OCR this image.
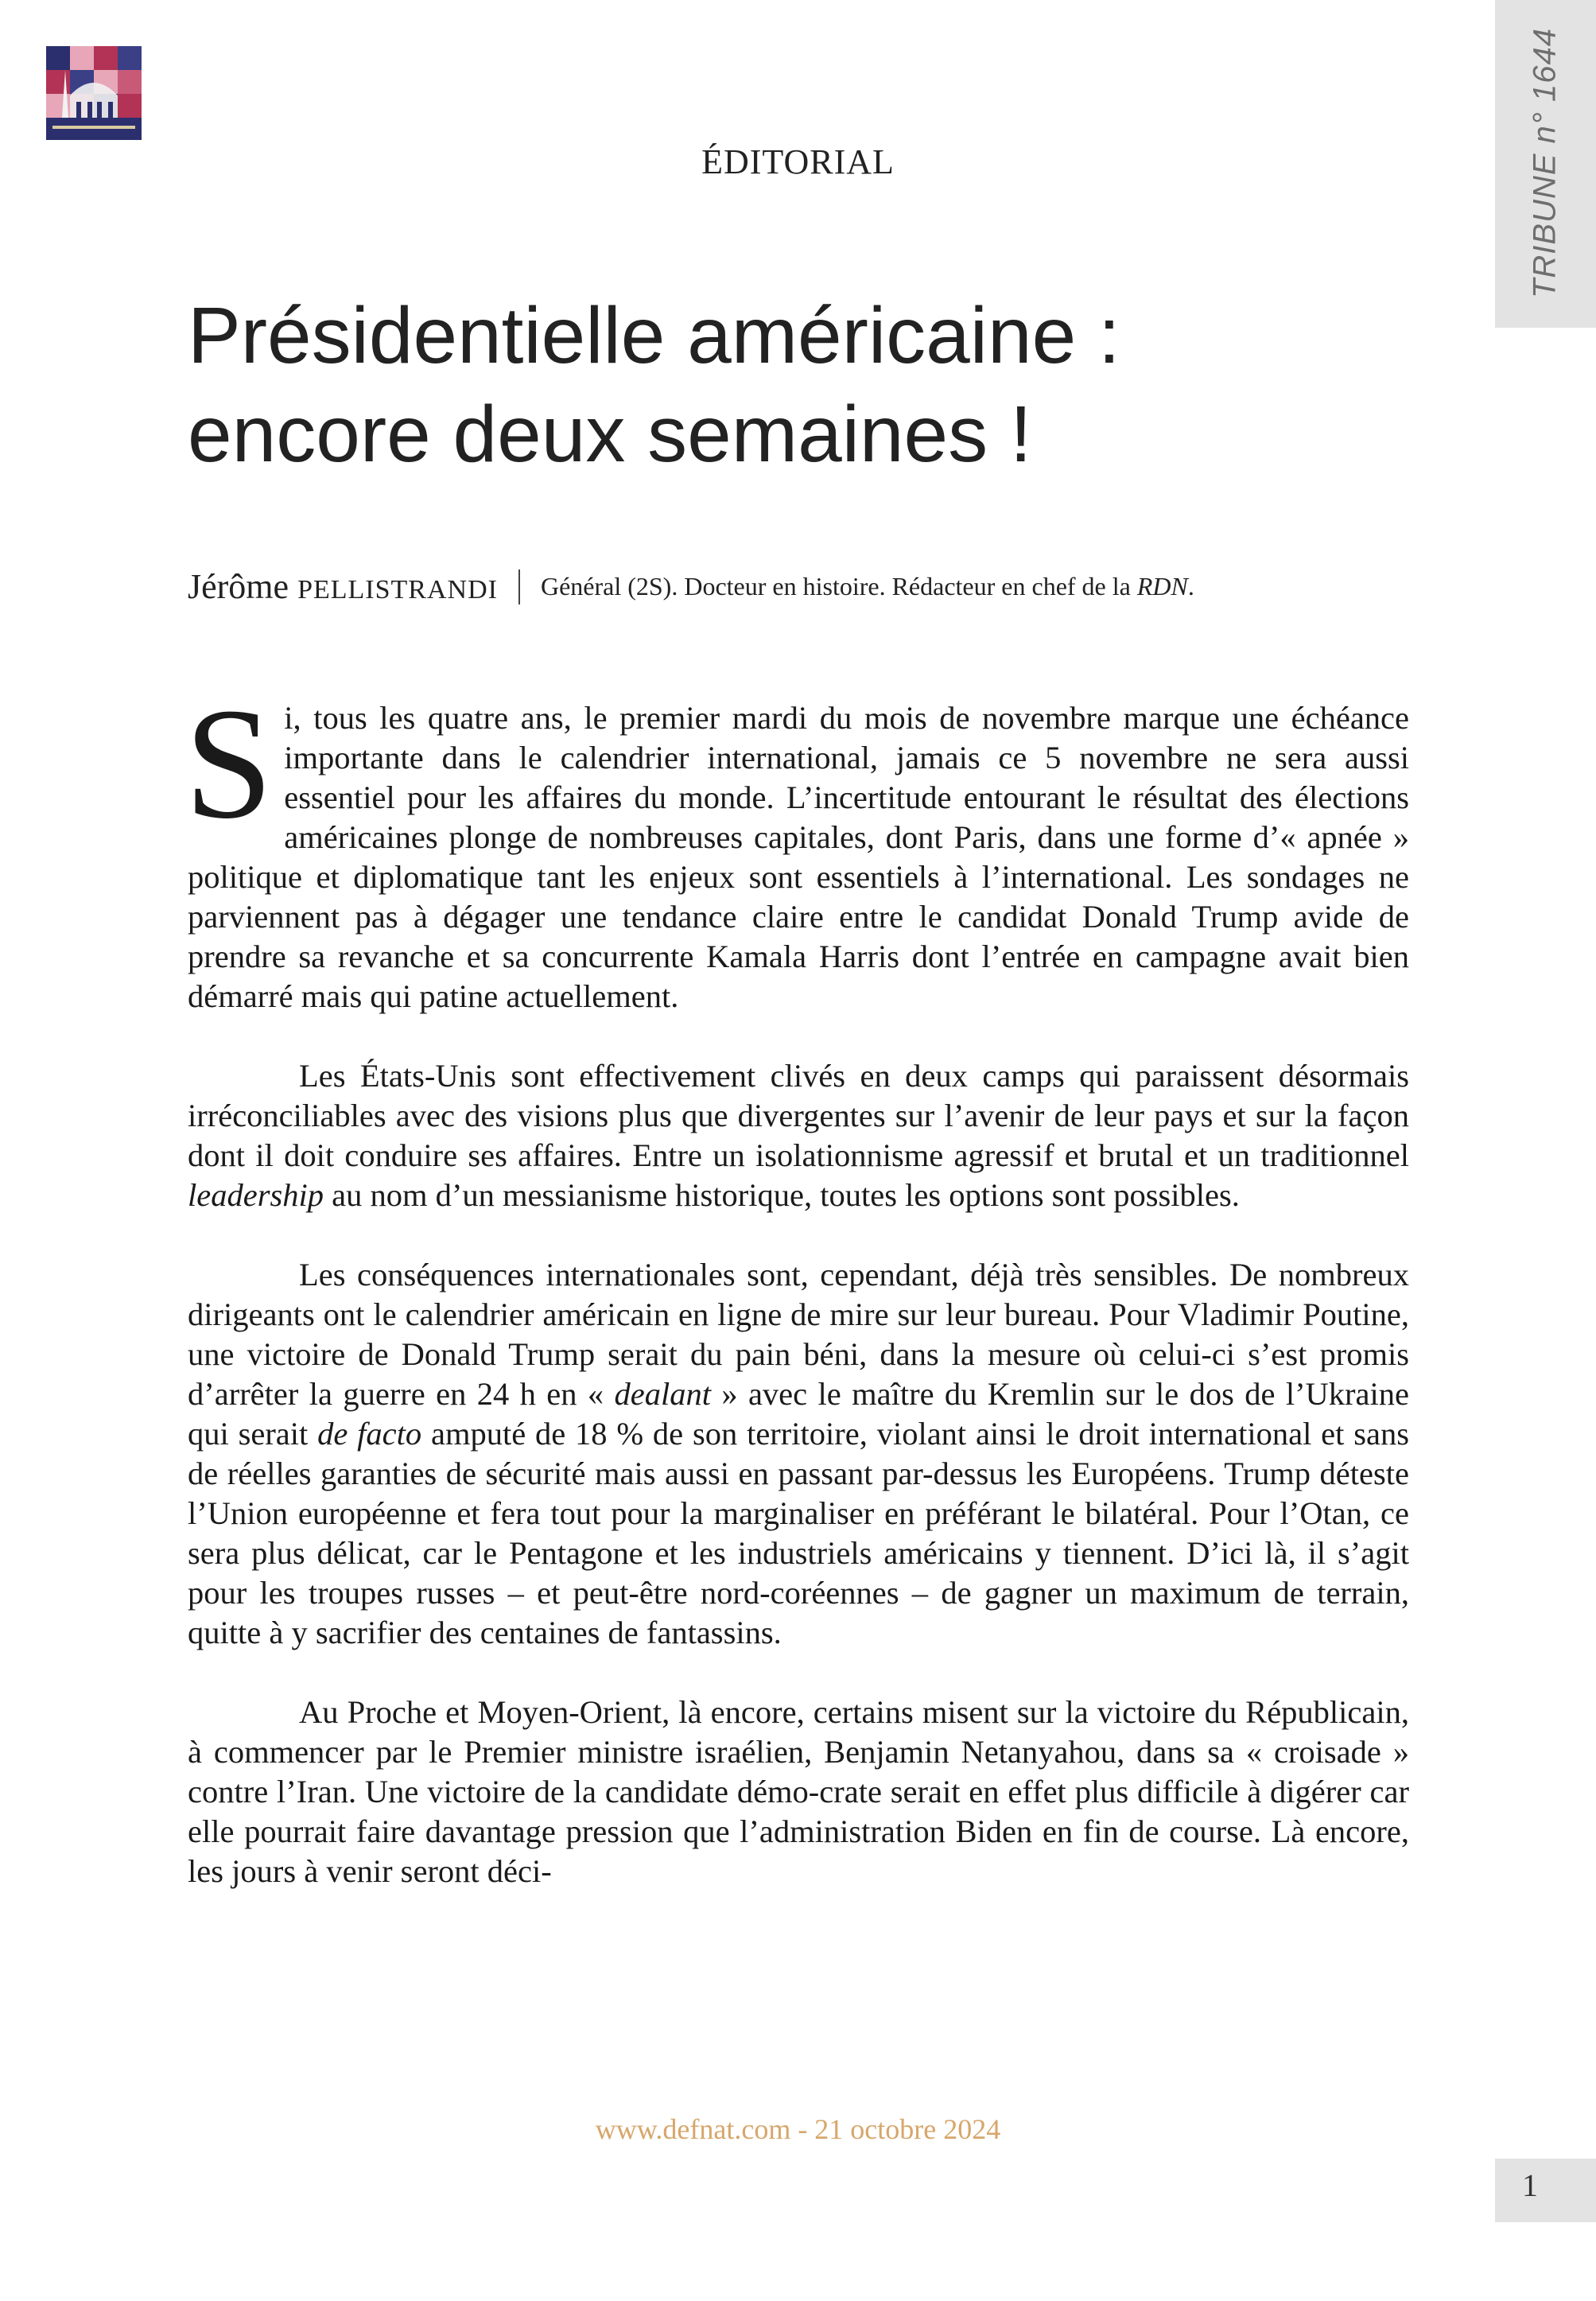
TRIBUNE n° 1644
ÉDITORIAL
Présidentielle américaine :
encore deux semaines !
Jérôme PELLISTRANDI Général (2S). Docteur en histoire. Rédacteur en chef de la RDN.

Si, tous les quatre ans, le premier mardi du mois de novembre marque une échéance importante dans le calendrier international, jamais ce 5 novembre ne sera aussi essentiel pour les affaires du monde. L’incertitude entourant le résultat des élections américaines plonge de nombreuses capitales, dont Paris, dans une forme d’« apnée » politique et diplomatique tant les enjeux sont essentiels à l’international. Les sondages ne parviennent pas à dégager une tendance claire entre le candidat Donald Trump avide de prendre sa revanche et sa concurrente Kamala Harris dont l’entrée en campagne avait bien démarré mais qui patine actuellement.

Les États-Unis sont effectivement clivés en deux camps qui paraissent désormais irréconciliables avec des visions plus que divergentes sur l’avenir de leur pays et sur la façon dont il doit conduire ses affaires. Entre un isolationnisme agressif et brutal et un traditionnel leadership au nom d’un messianisme historique, toutes les options sont possibles.

Les conséquences internationales sont, cependant, déjà très sensibles. De nombreux dirigeants ont le calendrier américain en ligne de mire sur leur bureau. Pour Vladimir Poutine, une victoire de Donald Trump serait du pain béni, dans la mesure où celui-ci s’est promis d’arrêter la guerre en 24 h en « dealant » avec le maître du Kremlin sur le dos de l’Ukraine qui serait de facto amputé de 18 % de son territoire, violant ainsi le droit international et sans de réelles garanties de sécurité mais aussi en passant par-dessus les Européens. Trump déteste l’Union européenne et fera tout pour la marginaliser en préférant le bilatéral. Pour l’Otan, ce sera plus délicat, car le Pentagone et les industriels américains y tiennent. D’ici là, il s’agit pour les troupes russes – et peut-être nord-coréennes – de gagner un maximum de terrain, quitte à y sacrifier des centaines de fantassins.

Au Proche et Moyen-Orient, là encore, certains misent sur la victoire du Républicain, à commencer par le Premier ministre israélien, Benjamin Netanyahou, dans sa « croisade » contre l’Iran. Une victoire de la candidate démo-crate serait en effet plus difficile à digérer car elle pourrait faire davantage pression que l’administration Biden en fin de course. Là encore, les jours à venir seront déci-

www.defnat.com - 21 octobre 2024
1
